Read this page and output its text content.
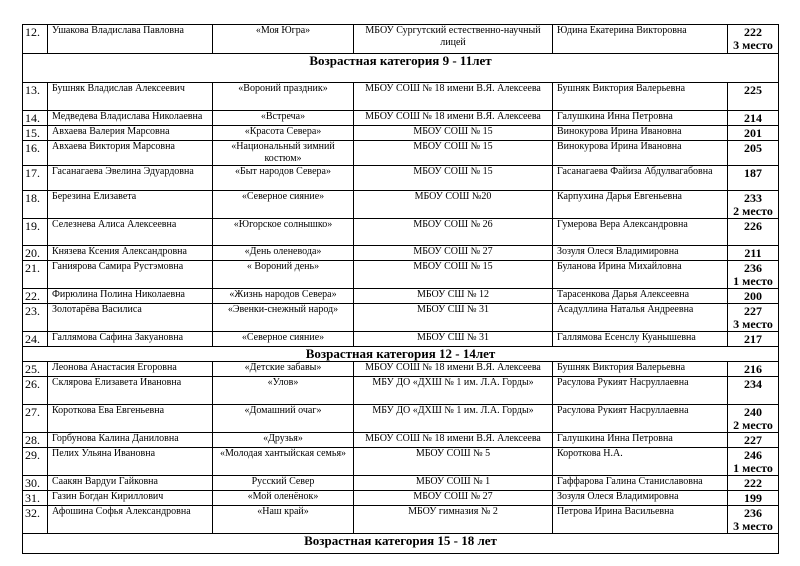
12.	Ушакова Владислава Павловна	«Моя Югра»	МБОУ Сургутский естественно-научный лицей	Юдина Екатерина Викторовна	222
3 место

Возрастная категория 9 - 11лет					
13.	Бушняк Владислав Алексеевич	«Вороний праздник»	МБОУ СОШ № 18 имени В.Я. Алексеева	Бушняк Виктория Валерьевна	225

14.	Медведева Владислава Николаевна	«Встреча»	МБОУ СОШ № 18 имени В.Я. Алексеева	Галушкина Инна Петровна	214

15.	Авхаева Валерия Марсовна	«Красота Севера»	МБОУ СОШ № 15	Винокурова Ирина Ивановна	201

16.	Авхаева Виктория Марсовна	«Национальный зимний костюм»	МБОУ СОШ № 15	Винокурова Ирина Ивановна	205

17.	Гасанагаева Эвелина Эдуардовна	«Быт народов Севера»	МБОУ СОШ № 15	Гасанагаева Файиза Абдулвагабовна	187

18.	Березина Елизавета	«Северное сияние»	МБОУ СОШ №20	Карпухина Дарья Евгеньевна	233
2 место

19.	Селезнева Алиса Алексеевна	«Югорское солнышко»	МБОУ СОШ № 26	Гумерова Вера Александровна	226

20.	Князева Ксения Александровна	«День оленевода»	МБОУ СОШ № 27	Зозуля Олеся Владимировна	211

21.	Ганиярова Самира Рустэмовна	« Вороний день»	МБОУ СОШ № 15	Буланова Ирина Михайловна	236
1 место

22.	Фирюлина Полина Николаевна	«Жизнь народов Севера»	МБОУ СШ № 12	Тарасенкова Дарья Алексеевна	200

23.	Золотарёва Василиса	«Эвенки-снежный народ»	МБОУ СШ № 31	Асадуллина Наталья Андреевна	227
3 место

24.	Галлямова Сафина Закуановна	«Северное сияние»	МБОУ СШ № 31	Галлямова Есенслу Куанышевна	217

Возрастная категория 12 - 14лет					
25.	Леонова Анастасия Егоровна	«Детские забавы»	МБОУ СОШ № 18 имени В.Я. Алексеева	Бушняк Виктория Валерьевна	216

26.	Склярова Елизавета Ивановна	«Улов»	МБУ ДО «ДХШ № 1 им. Л.А. Горды»	Расулова Рукият Насруллаевна	234

27.	Короткова Ева Евгеньевна	«Домашний очаг»	МБУ ДО «ДХШ № 1 им. Л.А. Горды»	Расулова Рукият Насруллаевна	240
2 место

28.	Горбунова Калина Даниловна	«Друзья»	МБОУ СОШ № 18 имени В.Я. Алексеева	Галушкина Инна Петровна	227

29.	Пелих Ульяна Ивановна	«Молодая хантыйская семья»	МБОУ СОШ № 5	Короткова Н.А.	246
1 место

30.	Саакян Вардуи Гайковна	Русский Север	МБОУ СОШ № 1	Гаффарова Галина Станиславовна	222

31.	Газин Богдан Кириллович	«Мой оленёнок»	МБОУ СОШ № 27	Зозуля Олеся Владимировна	199

32.	Афошина Софья Александровна	«Наш край»	МБОУ гимназия № 2	Петрова Ирина Васильевна	236
3 место

Возрастная категория 15 - 18 лет					
